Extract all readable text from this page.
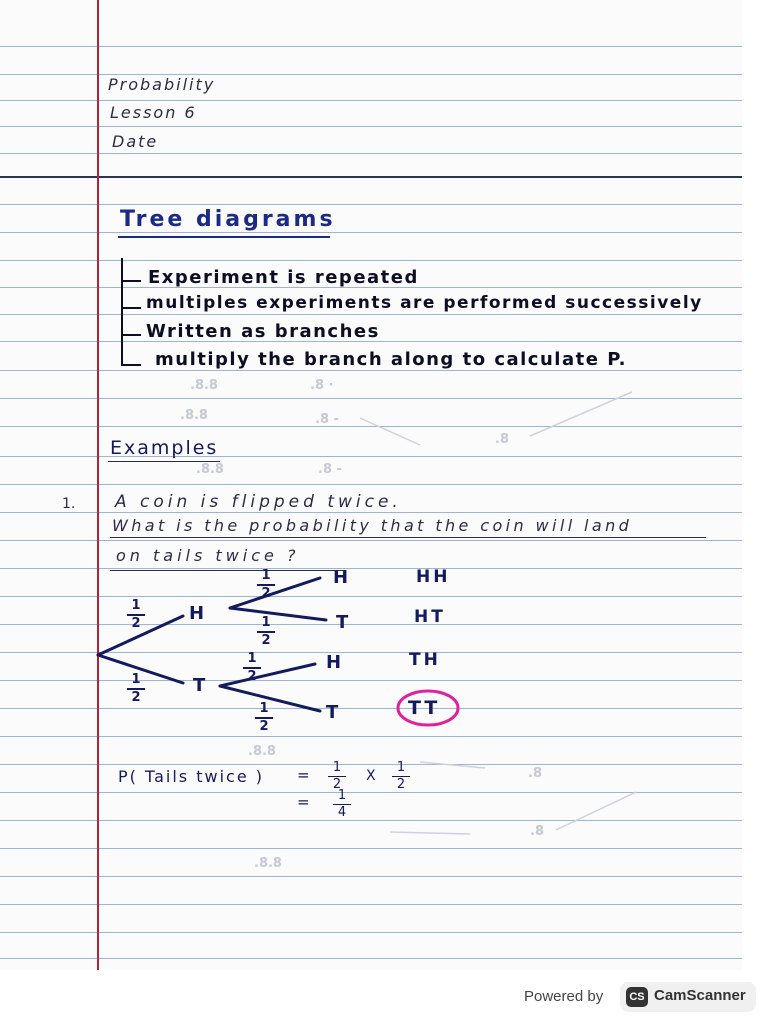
.8.8
.8.8
.8 ·
.8 -
.8
.8 -
.8.8
.8.8
.8
.8
.8.8
Probability
Lesson 6
Date
Tree diagrams
Experiment is repeated
multiples experiments are performed successively
Written as branches
multiply the branch along to calculate P.
Examples
1. A coin is flipped twice.
What is the probability that the coin will land
on tails twice ?
1
2
1
2
1
2
1
2
1
2
1
2
H
T
H
T
H
T
HH
HT
TH
TT
P( Tails twice ) =	1
2
X
1
2
=	1
4
Powered by	CS CamScanner
